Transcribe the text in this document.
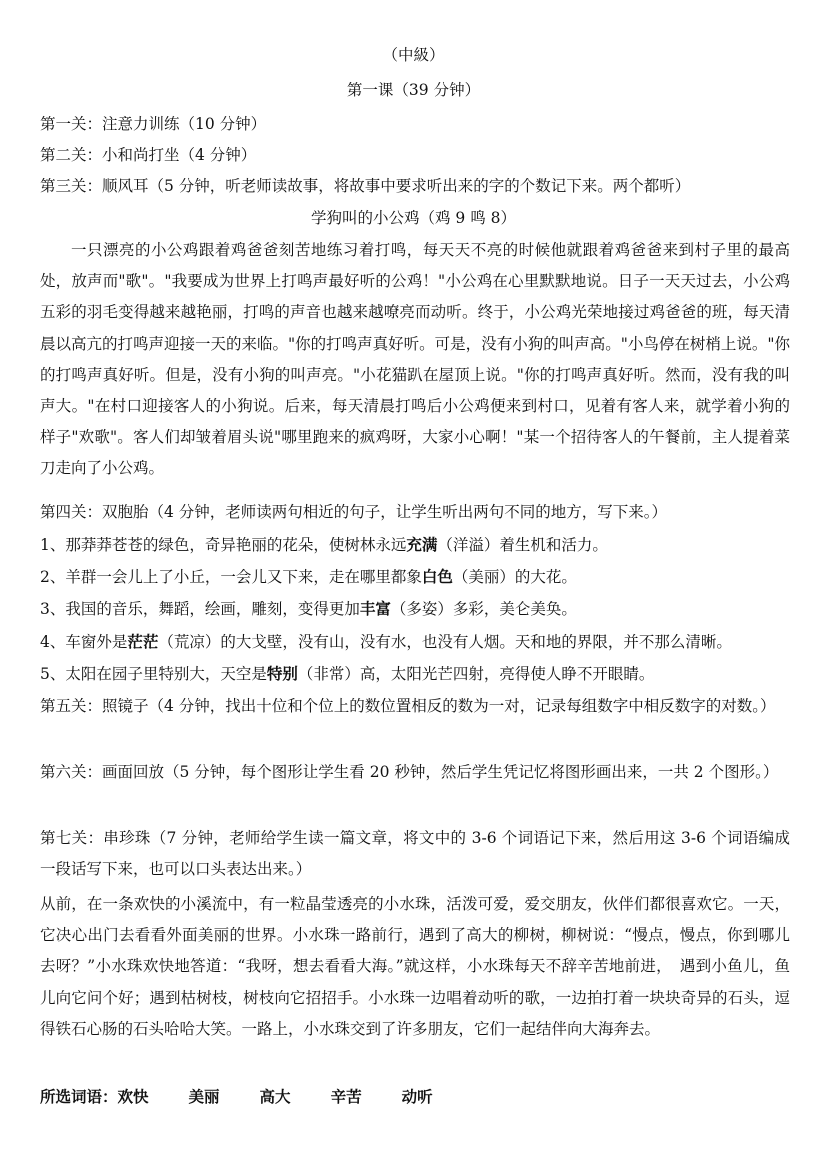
（中級）
第一课（39 分钟）
第一关：注意力训练（10 分钟）
第二关：小和尚打坐（4 分钟）
第三关：顺风耳（5 分钟，听老师读故事，将故事中要求听出来的字的个数记下来。两个都听）
学狗叫的小公鸡（鸡 9 鸣 8）
一只漂亮的小公鸡跟着鸡爸爸刻苦地练习着打鸣，每天天不亮的时候他就跟着鸡爸爸来到村子里的最高处，放声而"歌"。"我要成为世界上打鸣声最好听的公鸡！"小公鸡在心里默默地说。日子一天天过去，小公鸡五彩的羽毛变得越来越艳丽，打鸣的声音也越来越嘹亮而动听。终于，小公鸡光荣地接过鸡爸爸的班，每天清晨以高亢的打鸣声迎接一天的来临。"你的打鸣声真好听。可是，没有小狗的叫声高。"小鸟停在树梢上说。"你的打鸣声真好听。但是，没有小狗的叫声亮。"小花猫趴在屋顶上说。"你的打鸣声真好听。然而，没有我的叫声大。"在村口迎接客人的小狗说。后来，每天清晨打鸣后小公鸡便来到村口，见着有客人来，就学着小狗的样子"欢歌"。客人们却皱着眉头说"哪里跑来的疯鸡呀，大家小心啊！"某一个招待客人的午餐前，主人提着菜刀走向了小公鸡。
第四关：双胞胎（4 分钟，老师读两句相近的句子，让学生听出两句不同的地方，写下来。）
1、那莽莽苍苍的绿色，奇异艳丽的花朵，使树林永远充满（洋溢）着生机和活力。
2、羊群一会儿上了小丘，一会儿又下来，走在哪里都象白色（美丽）的大花。
3、我国的音乐，舞蹈，绘画，雕刻，变得更加丰富（多姿）多彩，美仑美奂。
4、车窗外是茫茫（荒凉）的大戈壁，没有山，没有水，也没有人烟。天和地的界限，并不那么清晰。
5、太阳在园子里特别大，天空是特别（非常）高，太阳光芒四射，亮得使人睁不开眼睛。
第五关：照镜子（4 分钟，找出十位和个位上的数位置相反的数为一对，记录每组数字中相反数字的对数。）
第六关：画面回放（5 分钟，每个图形让学生看 20 秒钟，然后学生凭记忆将图形画出来，一共 2 个图形。）
第七关：串珍珠（7 分钟，老师给学生读一篇文章，将文中的 3-6 个词语记下来，然后用这 3-6 个词语编成一段话写下来，也可以口头表达出来。）
从前，在一条欢快的小溪流中，有一粒晶莹透亮的小水珠，活泼可爱，爱交朋友，伙伴们都很喜欢它。一天，它决心出门去看看外面美丽的世界。小水珠一路前行，遇到了高大的柳树，柳树说：“慢点，慢点，你到哪儿去呀？”小水珠欢快地答道：“我呀，想去看看大海。”就这样，小水珠每天不辞辛苦地前进，　遇到小鱼儿，鱼儿向它问个好；遇到枯树枝，树枝向它招招手。小水珠一边唱着动听的歌，一边拍打着一块块奇异的石头，逗得铁石心肠的石头哈哈大笑。一路上，小水珠交到了许多朋友，它们一起结伴向大海奔去。
所选词语：欢快	美丽	高大	辛苦	动听
